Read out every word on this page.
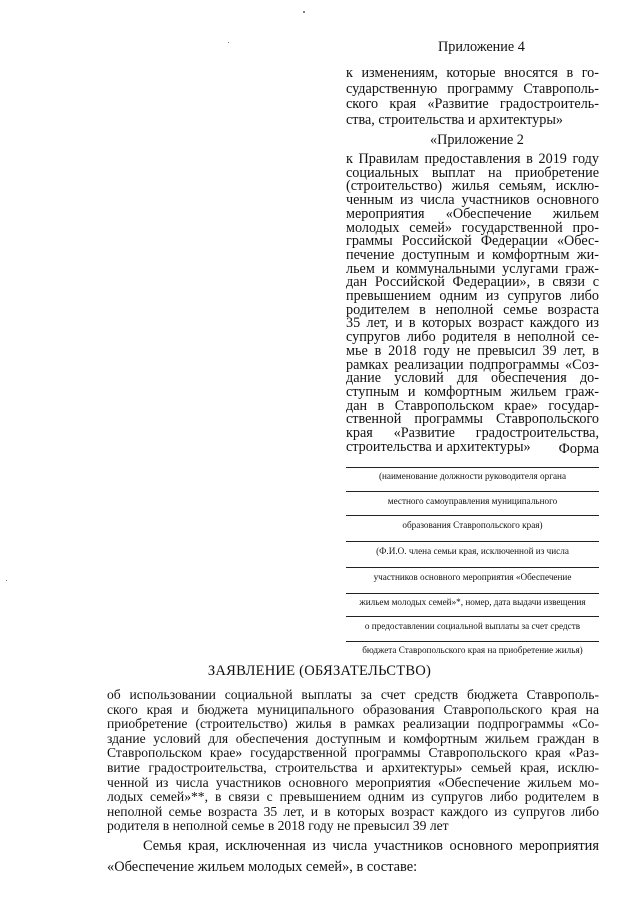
Приложение 4
к изменениям, которые вносятся в го-
сударственную программу Ставрополь-
ского края «Развитие градостроитель-
ства, строительства и архитектуры»
«Приложение 2
к Правилам предоставления в 2019 году
социальных выплат на приобретение
(строительство) жилья семьям, исклю-
ченным из числа участников основного
мероприятия «Обеспечение жильем
молодых семей» государственной про-
граммы Российской Федерации «Обес-
печение доступным и комфортным жи-
льем и коммунальными услугами граж-
дан Российской Федерации», в связи с
превышением одним из супругов либо
родителем в неполной семье возраста
35 лет, и в которых возраст каждого из
супругов либо родителя в неполной се-
мье в 2018 году не превысил 39 лет, в
рамках реализации подпрограммы «Соз-
дание условий для обеспечения до-
ступным и комфортным жильем граж-
дан в Ставропольском крае» государ-
ственной программы Ставропольского
края «Развитие градостроительства,
строительства и архитектуры»	Форма
(наименование должности руководителя органа
местного самоуправления муниципального
образования Ставропольского края)
(Ф.И.О. члена семьи края, исключенной из числа
участников основного мероприятия «Обеспечение
жильем молодых семей»*, номер, дата выдачи извещения
о предоставлении социальной выплаты за счет средств
бюджета Ставропольского края на приобретение жилья)
ЗАЯВЛЕНИЕ (ОБЯЗАТЕЛЬСТВО)
об использовании социальной выплаты за счет средств бюджета Ставрополь-
ского края и бюджета муниципального образования Ставропольского края на
приобретение (строительство) жилья в рамках реализации подпрограммы «Со-
здание условий для обеспечения доступным и комфортным жильем граждан в
Ставропольском крае» государственной программы Ставропольского края «Раз-
витие градостроительства, строительства и архитектуры» семьей края, исклю-
ченной из числа участников основного мероприятия «Обеспечение жильем мо-
лодых семей»**, в связи с превышением одним из супругов либо родителем в
неполной семье возраста 35 лет, и в которых возраст каждого из супругов либо
родителя в неполной семье в 2018 году не превысил 39 лет
Семья края, исключенная из числа участников основного мероприятия
«Обеспечение жильем молодых семей», в составе:
